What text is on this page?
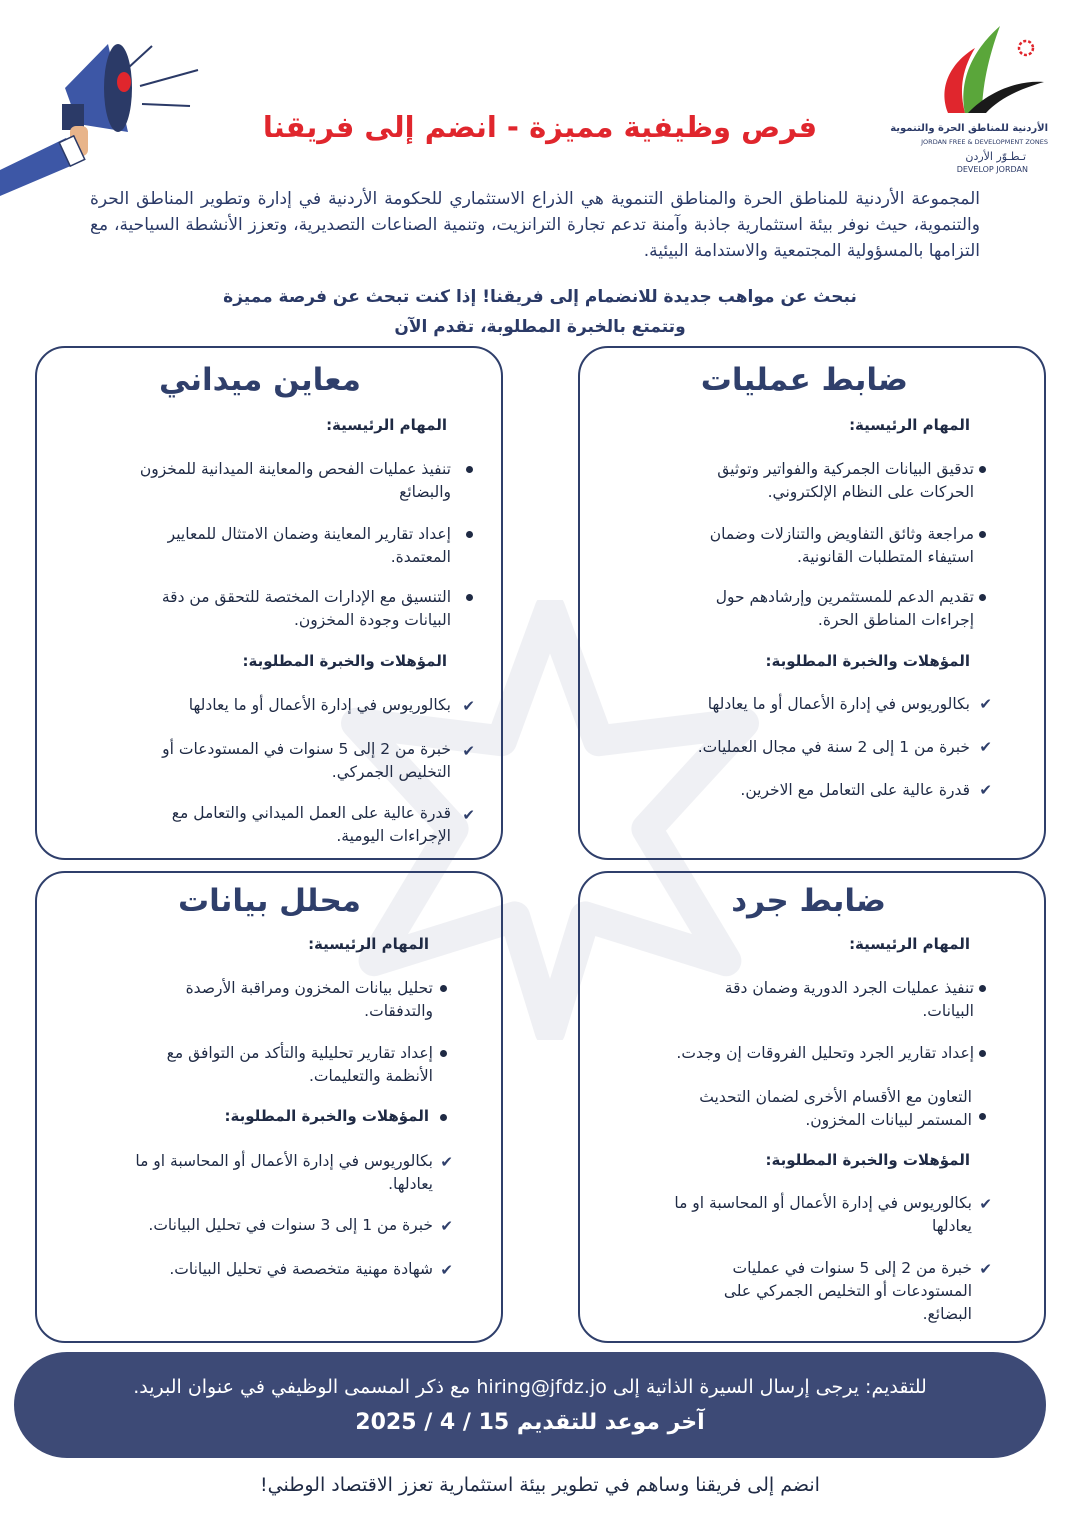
الأردنية للمناطق الحرة والتنموية
JORDAN FREE & DEVELOPMENT ZONES
تـطـوّر الأردن
DEVELOP JORDAN
فرص وظيفية مميزة - انضم إلى فريقنا
المجموعة الأردنية للمناطق الحرة والمناطق التنموية هي الذراع الاستثماري للحكومة الأردنية في إدارة وتطوير المناطق الحرة والتنموية، حيث نوفر بيئة استثمارية جاذبة وآمنة تدعم تجارة الترانزيت، وتنمية الصناعات التصديرية، وتعزز الأنشطة السياحية، مع التزامها بالمسؤولية المجتمعية والاستدامة البيئية.
نبحث عن مواهب جديدة للانضمام إلى فريقنا! إذا كنت تبحث عن فرصة مميزة
وتتمتع بالخبرة المطلوبة، تقدم الآن
ضابط عمليات
المهام الرئيسية:
تدقيق البيانات الجمركية والفواتير وتوثيق الحركات على النظام الإلكتروني.
مراجعة وثائق التفاويض والتنازلات وضمان استيفاء المتطلبات القانونية.
تقديم الدعم للمستثمرين وإرشادهم حول إجراءات المناطق الحرة.
المؤهلات والخبرة المطلوبة:
✔
بكالوريوس في إدارة الأعمال أو ما يعادلها
✔
خبرة من 1 إلى 2 سنة في مجال العمليات.
✔
قدرة عالية على التعامل مع الاخرين.
معاين ميداني
المهام الرئيسية:
تنفيذ عمليات الفحص والمعاينة الميدانية للمخزون والبضائع
إعداد تقارير المعاينة وضمان الامتثال للمعايير المعتمدة.
التنسيق مع الإدارات المختصة للتحقق من دقة البيانات وجودة المخزون.
المؤهلات والخبرة المطلوبة:
✔
بكالوريوس في إدارة الأعمال أو ما يعادلها
✔
خبرة من 2 إلى 5 سنوات في المستودعات أو التخليص الجمركي.
✔
قدرة عالية على العمل الميداني والتعامل مع الإجراءات اليومية.
ضابط جرد
المهام الرئيسية:
تنفيذ عمليات الجرد الدورية وضمان دقة البيانات.
إعداد تقارير الجرد وتحليل الفروقات إن وجدت.
التعاون مع الأقسام الأخرى لضمان التحديث المستمر لبيانات المخزون.
المؤهلات والخبرة المطلوبة:
✔
بكالوريوس في إدارة الأعمال أو المحاسبة او ما يعادلها
✔
خبرة من 2 إلى 5 سنوات في عمليات المستودعات أو التخليص الجمركي على البضائع.
محلل بيانات
المهام الرئيسية:
تحليل بيانات المخزون ومراقبة الأرصدة والتدفقات.
إعداد تقارير تحليلية والتأكد من التوافق مع الأنظمة والتعليمات.
المؤهلات والخبرة المطلوبة:
✔
بكالوريوس في إدارة الأعمال أو المحاسبة او ما يعادلها.
✔
خبرة من 1 إلى 3 سنوات في تحليل البيانات.
✔
شهادة مهنية متخصصة في تحليل البيانات.
للتقديم: يرجى إرسال السيرة الذاتية إلى hiring@jfdz.jo مع ذكر المسمى الوظيفي في عنوان البريد.
آخر موعد للتقديم 15 / 4 / 2025
انضم إلى فريقنا وساهم في تطوير بيئة استثمارية تعزز الاقتصاد الوطني!
